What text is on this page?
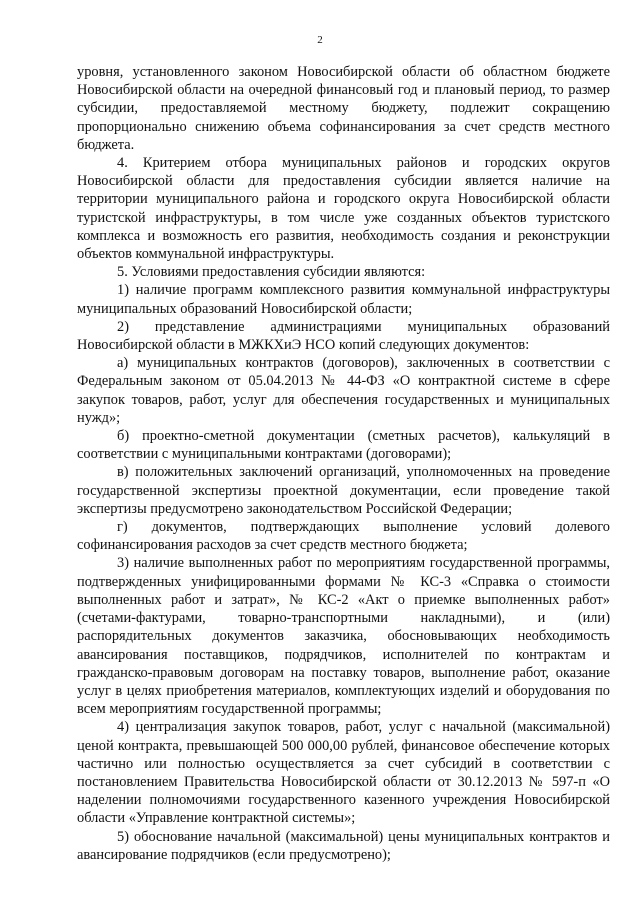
2

уровня, установленного законом Новосибирской области об областном бюджете Новосибирской области на очередной финансовый год и плановый период, то размер субсидии, предоставляемой местному бюджету, подлежит сокращению пропорционально снижению объема софинансирования за счет средств местного бюджета.

4. Критерием отбора муниципальных районов и городских округов Новосибирской области для предоставления субсидии является наличие на территории муниципального района и городского округа Новосибирской области туристской инфраструктуры, в том числе уже созданных объектов туристского комплекса и возможность его развития, необходимость создания и реконструкции объектов коммунальной инфраструктуры.

5. Условиями предоставления субсидии являются:

1) наличие программ комплексного развития коммунальной инфраструктуры муниципальных образований Новосибирской области;

2) представление администрациями муниципальных образований Новосибирской области в МЖКХиЭ НСО копий следующих документов:

а) муниципальных контрактов (договоров), заключенных в соответствии с Федеральным законом от 05.04.2013 № 44-ФЗ «О контрактной системе в сфере закупок товаров, работ, услуг для обеспечения государственных и муниципальных нужд»;

б) проектно-сметной документации (сметных расчетов), калькуляций в соответствии с муниципальными контрактами (договорами);

в) положительных заключений организаций, уполномоченных на проведение государственной экспертизы проектной документации, если проведение такой экспертизы предусмотрено законодательством Российской Федерации;

г) документов, подтверждающих выполнение условий долевого софинансирования расходов за счет средств местного бюджета;

3) наличие выполненных работ по мероприятиям государственной программы, подтвержденных унифицированными формами № КС-3 «Справка о стоимости выполненных работ и затрат», № КС-2 «Акт о приемке выполненных работ» (счетами-фактурами, товарно-транспортными накладными), и (или) распорядительных документов заказчика, обосновывающих необходимость авансирования поставщиков, подрядчиков, исполнителей по контрактам и гражданско-правовым договорам на поставку товаров, выполнение работ, оказание услуг в целях приобретения материалов, комплектующих изделий и оборудования по всем мероприятиям государственной программы;

4) централизация закупок товаров, работ, услуг с начальной (максимальной) ценой контракта, превышающей 500 000,00 рублей, финансовое обеспечение которых частично или полностью осуществляется за счет субсидий в соответствии с постановлением Правительства Новосибирской области от 30.12.2013 № 597-п «О наделении полномочиями государственного казенного учреждения Новосибирской области «Управление контрактной системы»;

5) обоснование начальной (максимальной) цены муниципальных контрактов и авансирование подрядчиков (если предусмотрено);
